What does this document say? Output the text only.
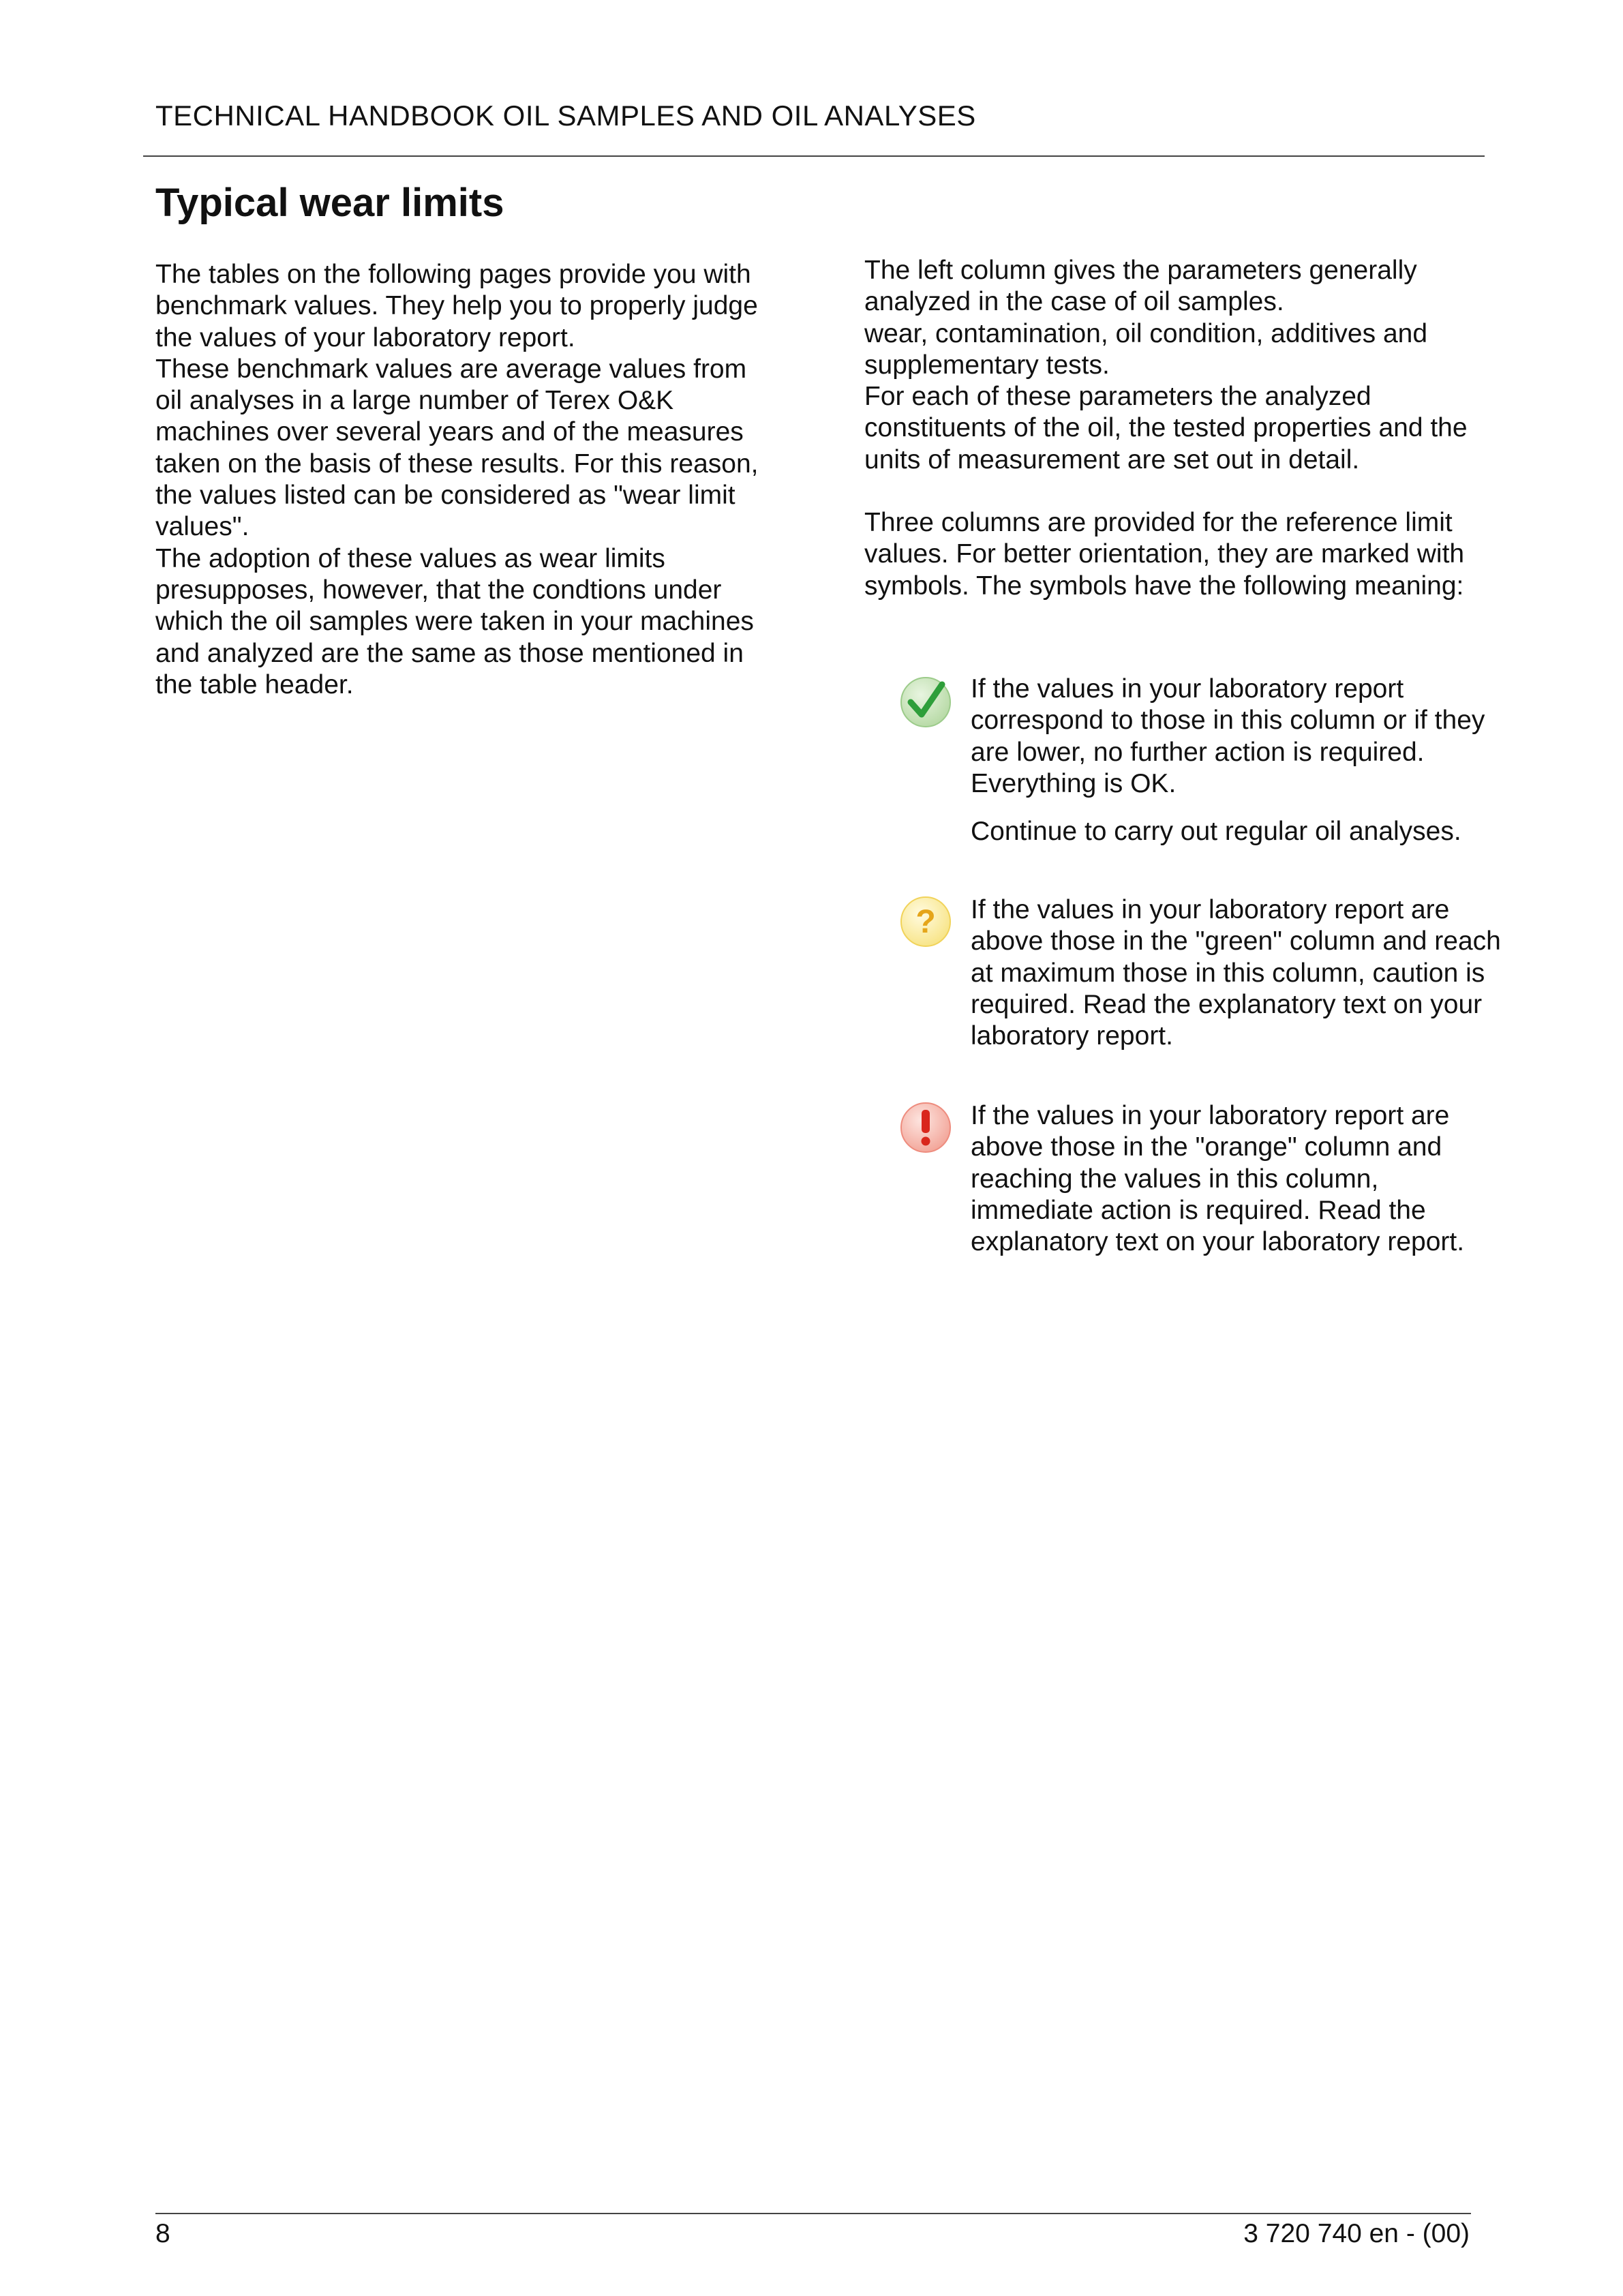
TECHNICAL HANDBOOK OIL SAMPLES AND OIL ANALYSES
Typical wear limits

The tables on the following pages provide you with benchmark values. They help you to properly judge the values of your laboratory report.

These benchmark values are average values from oil analyses in a large number of Terex O&K machines over several years and of the measures taken on the basis of these results. For this reason, the values listed can be considered as "wear limit values".

The adoption of these values as wear limits presupposes, however, that the condtions under which the oil samples were taken in your machines and analyzed are the same as those mentioned in the table header.

The left column gives the parameters generally analyzed in the case of oil samples.

wear, contamination, oil condition, additives and supplementary tests.

For each of these parameters the analyzed constituents of the oil, the tested properties and the units of measurement are set out in detail.

Three columns are provided for the reference limit values. For better orientation, they are marked with symbols. The symbols have the following meaning:

If the values in your laboratory report correspond to those in this column or if they are lower, no further action is required. Everything is OK.

Continue to carry out regular oil analyses.

? If the values in your laboratory report are above those in the "green" column and reach at maximum those in this column, caution is required. Read the explanatory text on your laboratory report.

If the values in your laboratory report are above those in the "orange" column and reaching the values in this column, immediate action is required. Read the explanatory text on your laboratory report.

8	3 720 740 en - (00)
